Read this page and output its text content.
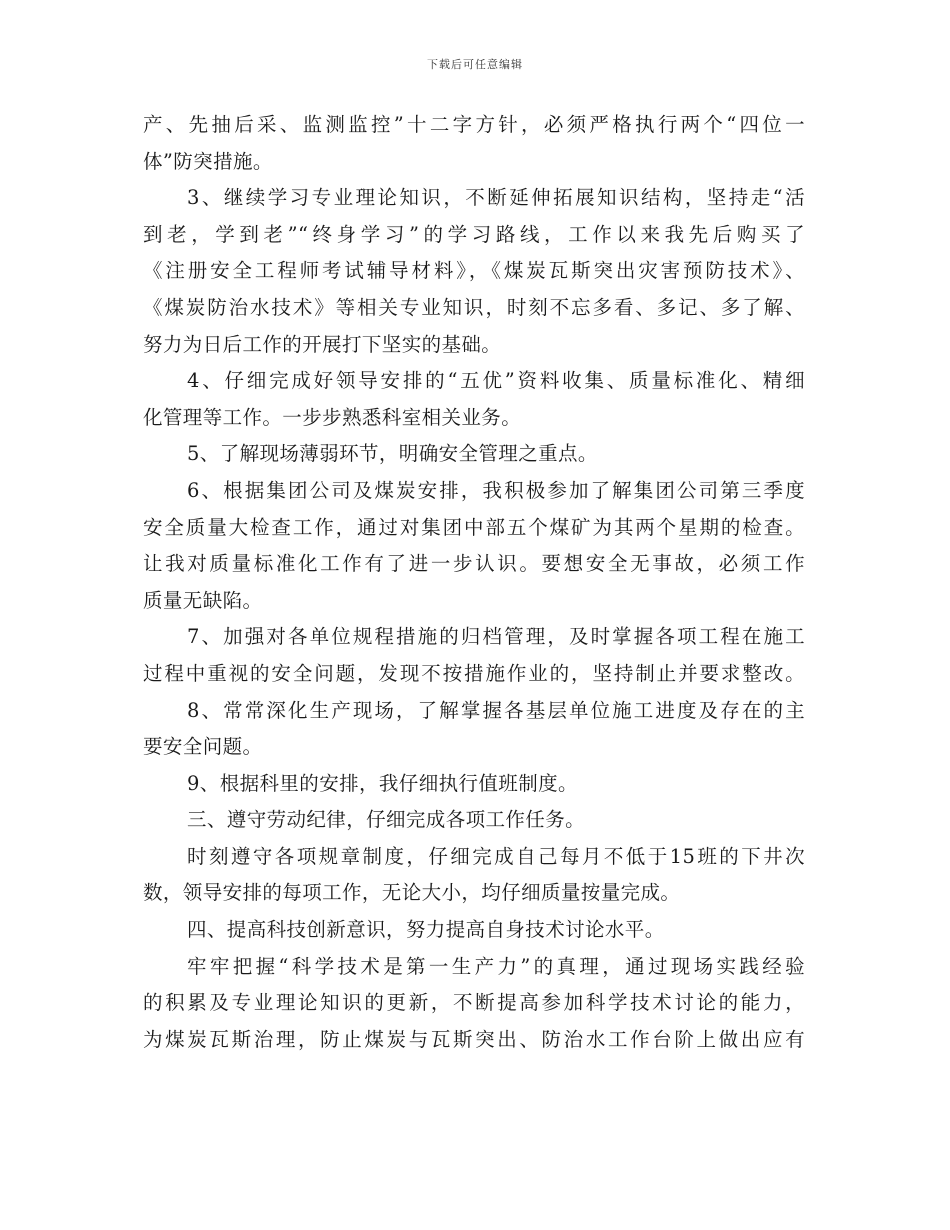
下载后可任意编辑
产、先抽后采、监测监控”十二字方针，必须严格执行两个“四位一
体”防突措施。
3、继续学习专业理论知识，不断延伸拓展知识结构，坚持走“活
到老，学到老”“终身学习”的学习路线，工作以来我先后购买了
《注册安全工程师考试辅导材料》，《煤炭瓦斯突出灾害预防技术》、
《煤炭防治水技术》等相关专业知识，时刻不忘多看、多记、多了解、
努力为日后工作的开展打下坚实的基础。
4、仔细完成好领导安排的“五优”资料收集、质量标准化、精细
化管理等工作。一步步熟悉科室相关业务。
5、了解现场薄弱环节，明确安全管理之重点。
6、根据集团公司及煤炭安排，我积极参加了解集团公司第三季度
安全质量大检查工作，通过对集团中部五个煤矿为其两个星期的检查。
让我对质量标准化工作有了进一步认识。要想安全无事故，必须工作
质量无缺陷。
7、加强对各单位规程措施的归档管理，及时掌握各项工程在施工
过程中重视的安全问题，发现不按措施作业的，坚持制止并要求整改。
8、常常深化生产现场，了解掌握各基层单位施工进度及存在的主
要安全问题。
9、根据科里的安排，我仔细执行值班制度。
三、遵守劳动纪律，仔细完成各项工作任务。
时刻遵守各项规章制度，仔细完成自己每月不低于15班的下井次
数，领导安排的每项工作，无论大小，均仔细质量按量完成。
四、提高科技创新意识，努力提高自身技术讨论水平。
牢牢把握“科学技术是第一生产力”的真理，通过现场实践经验
的积累及专业理论知识的更新，不断提高参加科学技术讨论的能力，
为煤炭瓦斯治理，防止煤炭与瓦斯突出、防治水工作台阶上做出应有
